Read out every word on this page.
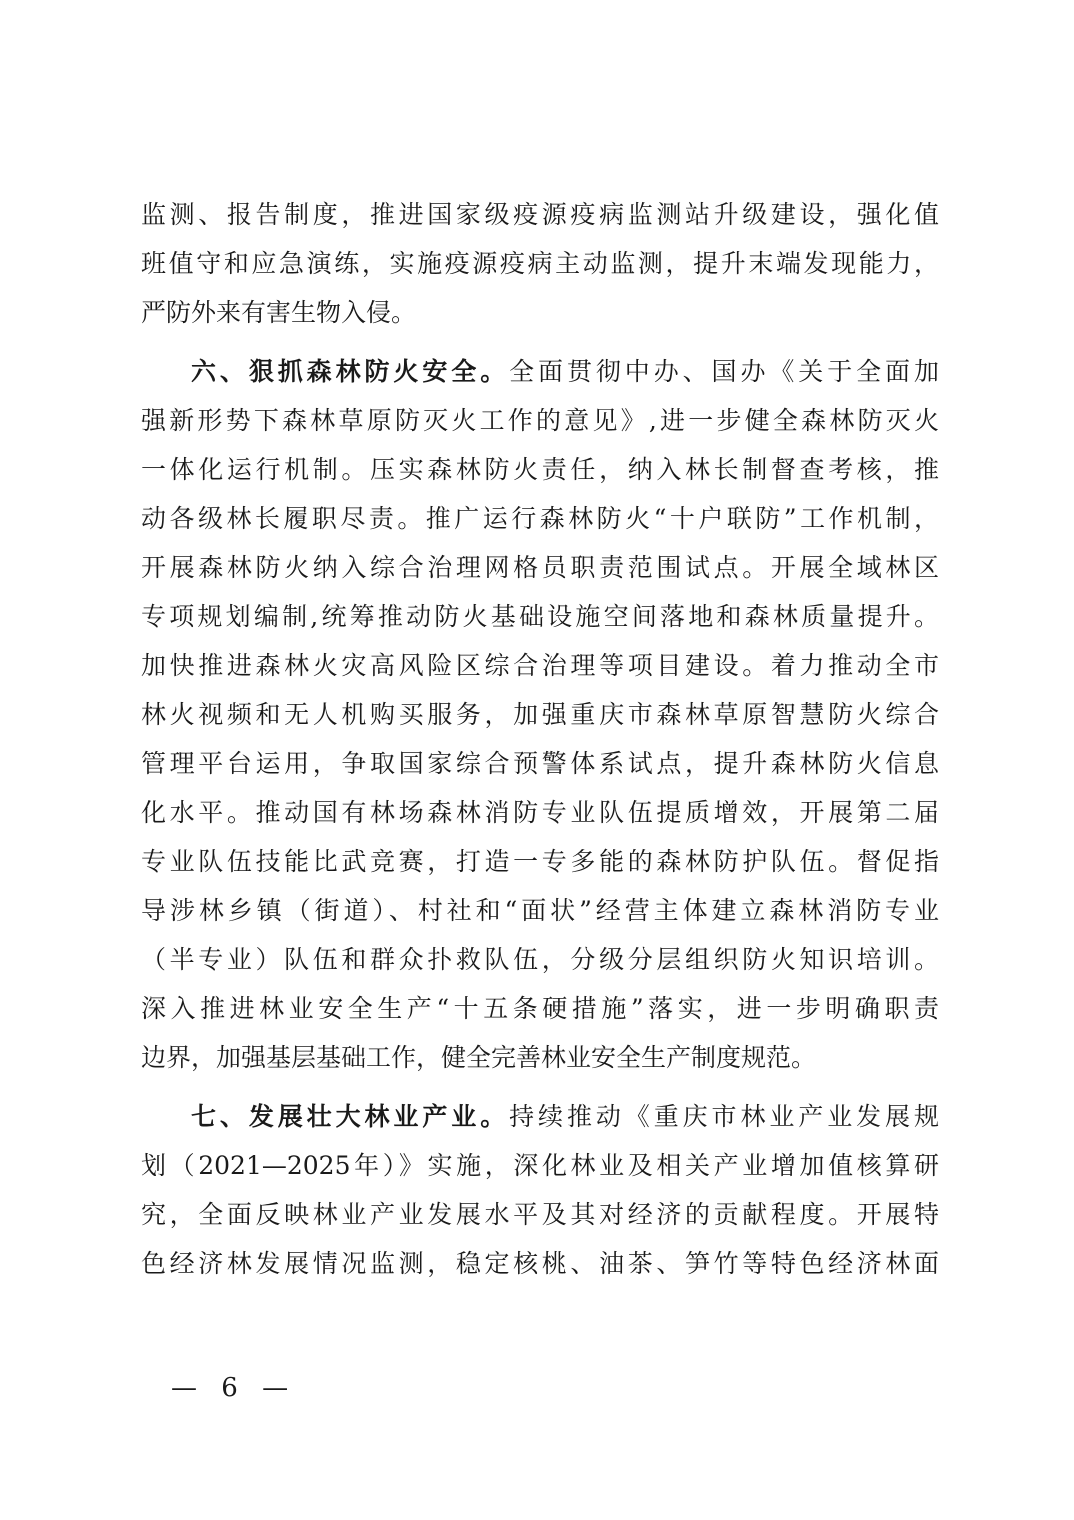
监测、报告制度，推进国家级疫源疫病监测站升级建设，强化值
班值守和应急演练，实施疫源疫病主动监测，提升末端发现能力，
严防外来有害生物入侵。
六、狠抓森林防火安全。全面贯彻中办、国办《关于全面加
强新形势下森林草原防灭火工作的意见》,进一步健全森林防灭火
一体化运行机制。压实森林防火责任，纳入林长制督查考核，推
动各级林长履职尽责。推广运行森林防火“十户联防”工作机制，
开展森林防火纳入综合治理网格员职责范围试点。开展全域林区
专项规划编制,统筹推动防火基础设施空间落地和森林质量提升。
加快推进森林火灾高风险区综合治理等项目建设。着力推动全市
林火视频和无人机购买服务，加强重庆市森林草原智慧防火综合
管理平台运用，争取国家综合预警体系试点，提升森林防火信息
化水平。推动国有林场森林消防专业队伍提质增效，开展第二届
专业队伍技能比武竞赛，打造一专多能的森林防护队伍。督促指
导涉林乡镇（街道）、村社和“面状”经营主体建立森林消防专业
（半专业）队伍和群众扑救队伍，分级分层组织防火知识培训。
深入推进林业安全生产“十五条硬措施”落实，进一步明确职责
边界，加强基层基础工作，健全完善林业安全生产制度规范。
七、发展壮大林业产业。持续推动《重庆市林业产业发展规
划（2021—2025年）》实施，深化林业及相关产业增加值核算研
究，全面反映林业产业发展水平及其对经济的贡献程度。开展特
色经济林发展情况监测，稳定核桃、油茶、笋竹等特色经济林面
— 6 —
